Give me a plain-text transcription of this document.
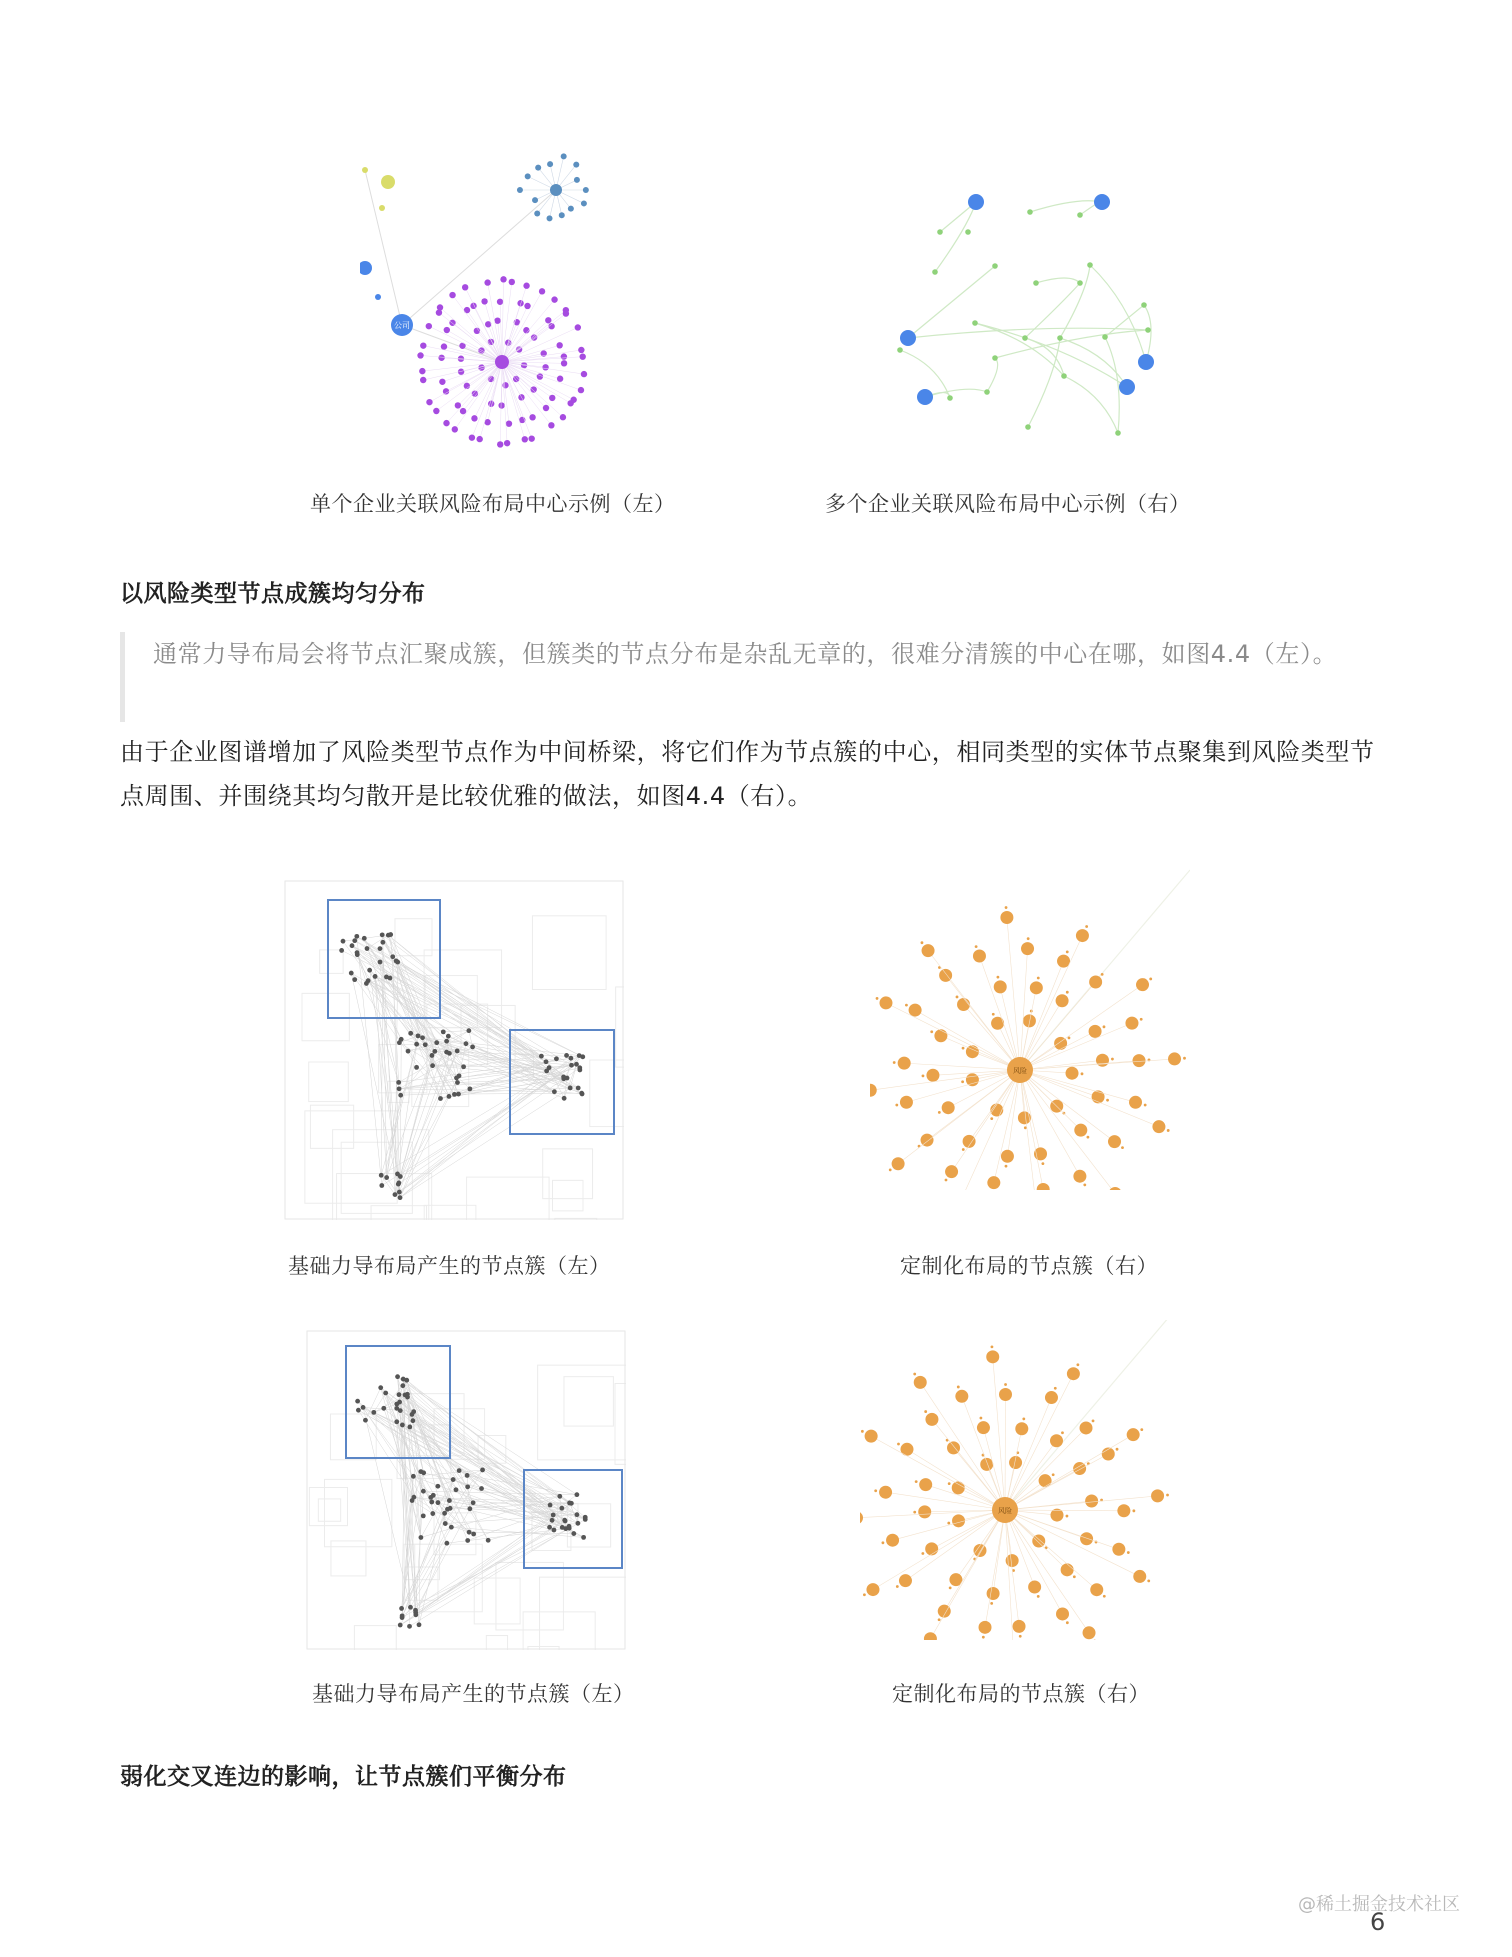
公司
单个企业关联风险布局中心示例（左）	多个企业关联风险布局中心示例（右）
以风险类型节点成簇均匀分布
通常力导布局会将节点汇聚成簇，但簇类的节点分布是杂乱无章的，很难分清簇的中心在哪，如图4.4（左）。
由于企业图谱增加了风险类型节点作为中间桥梁，将它们作为节点簇的中心，相同类型的实体节点聚集到风险类型节点周围、并围绕其均匀散开是比较优雅的做法，如图4.4（右）。
基础力导布局产生的节点簇（左）
风险
定制化布局的节点簇（右）
基础力导布局产生的节点簇（左）
风险
定制化布局的节点簇（右）
弱化交叉连边的影响，让节点簇们平衡分布
@稀土掘金技术社区
6
